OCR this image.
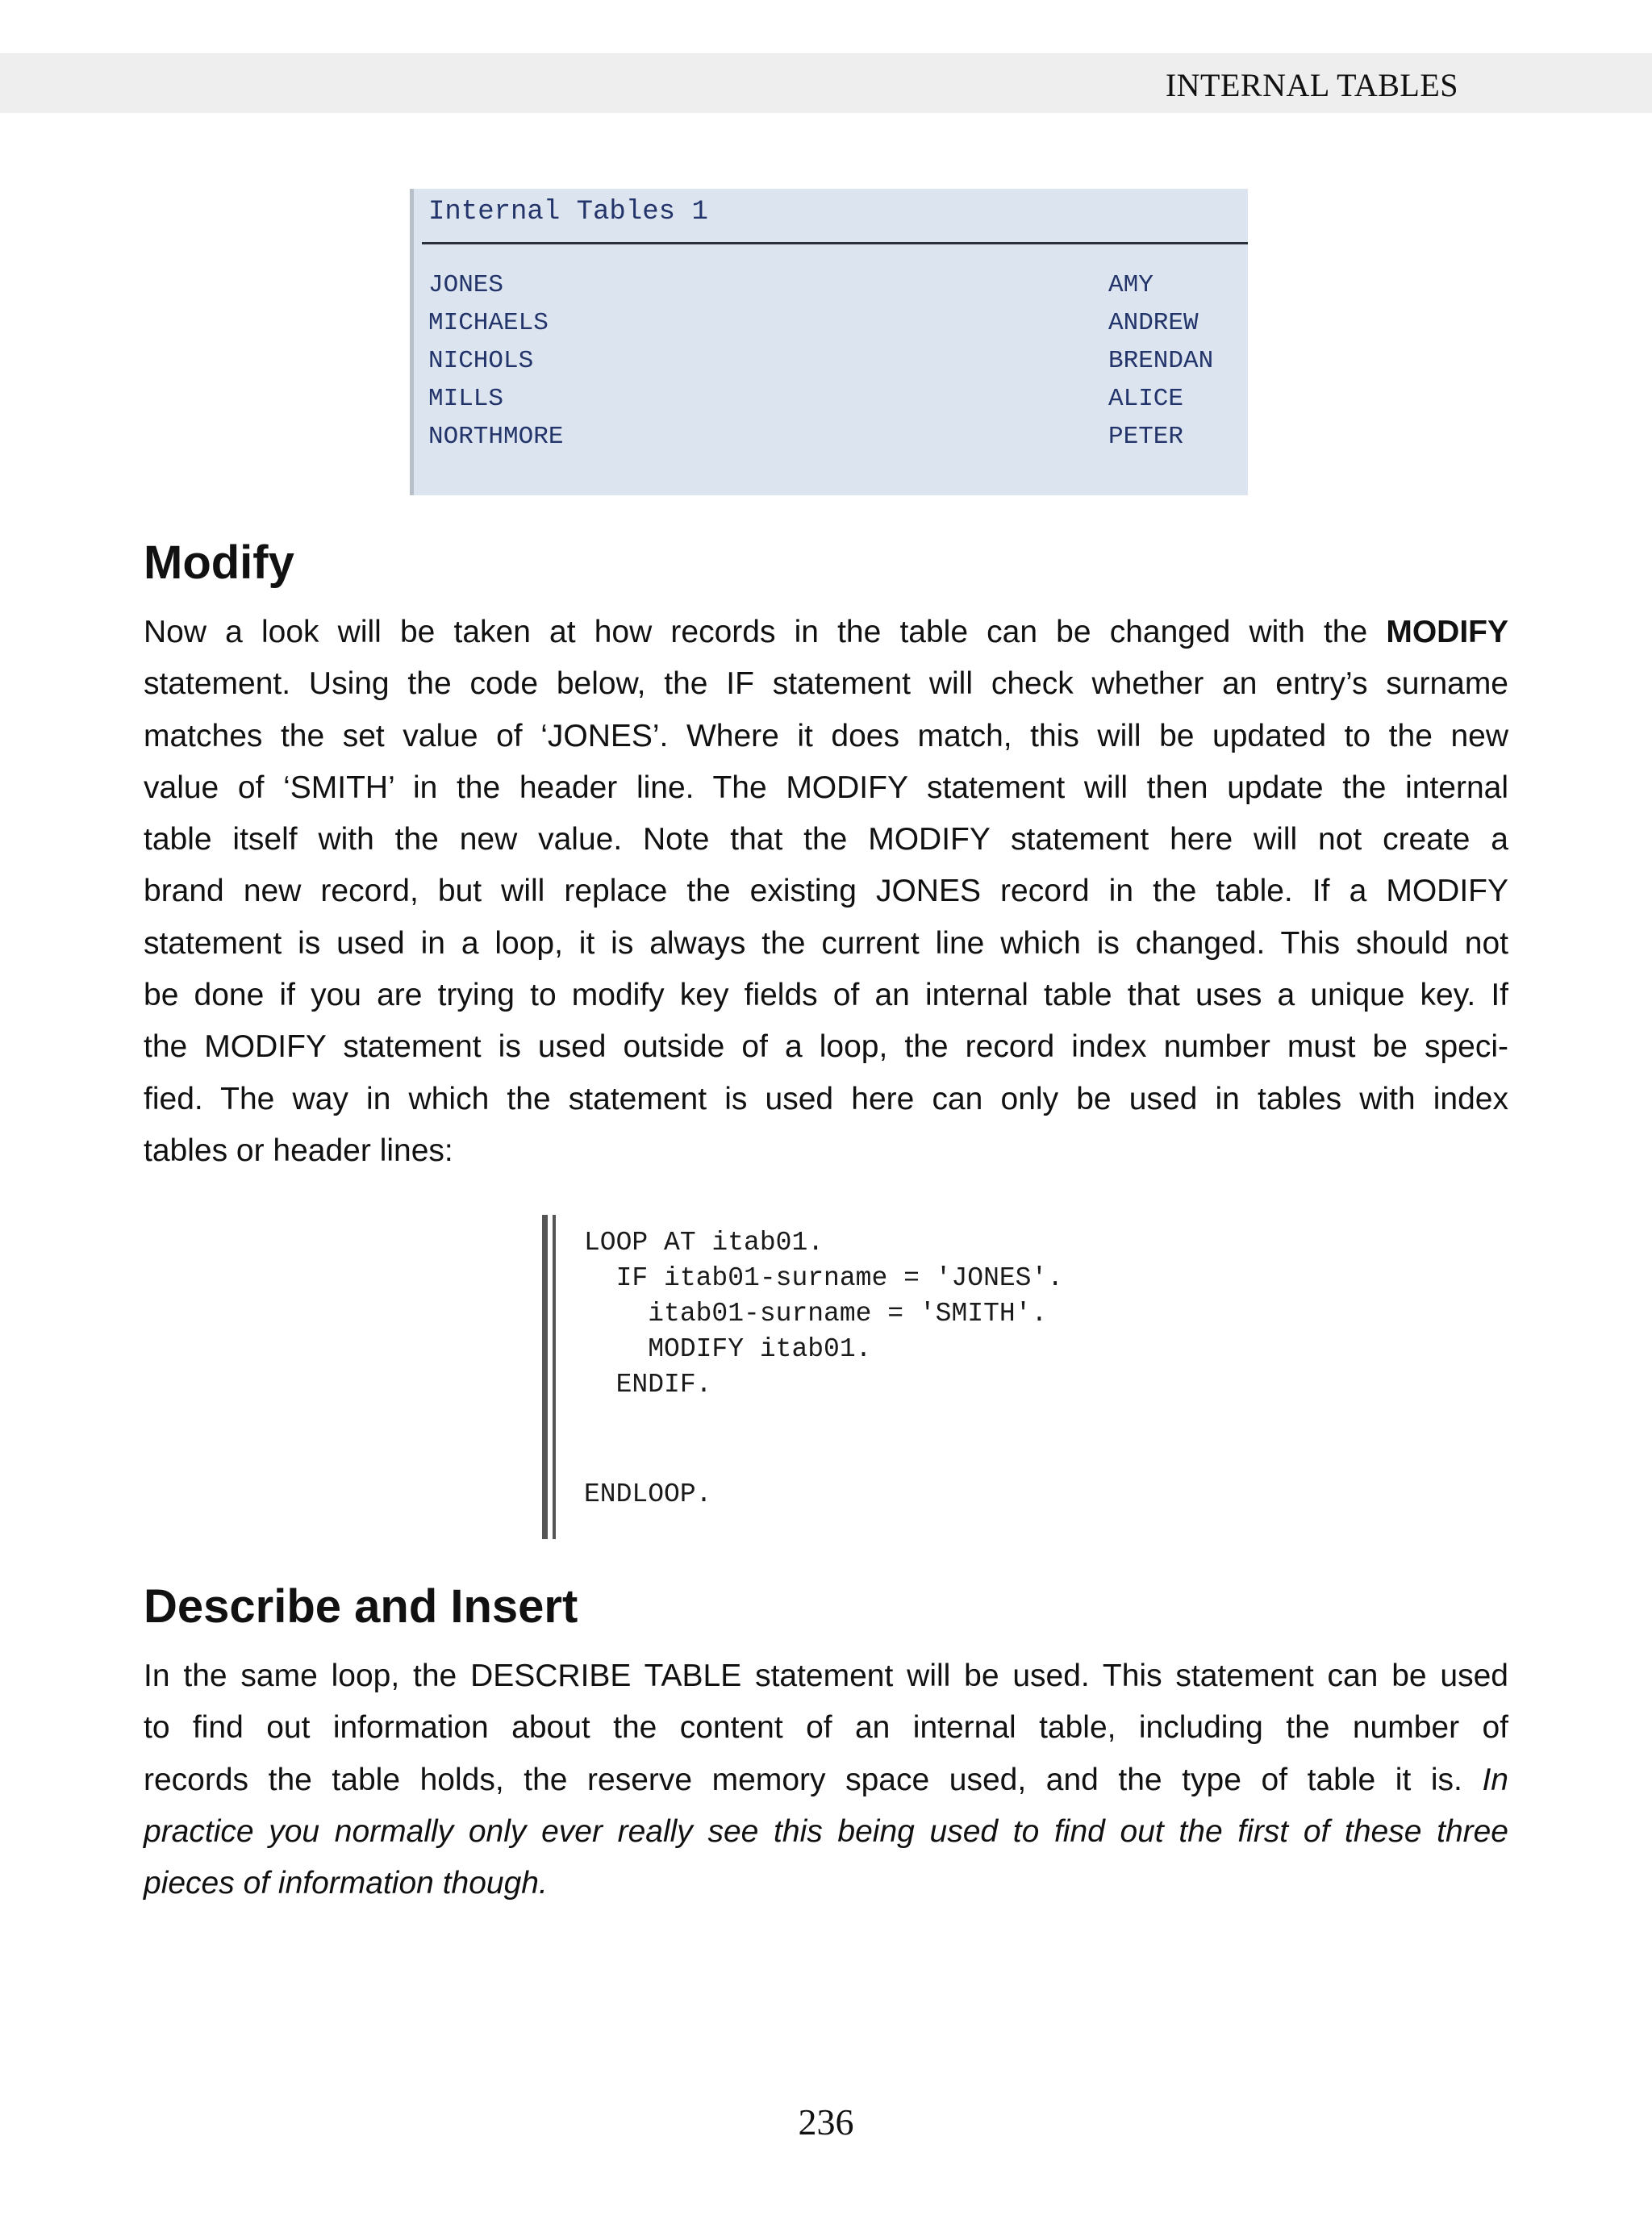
INTERNAL TABLES
Internal Tables 1
JONES	AMY
MICHAELS	ANDREW
NICHOLS	BRENDAN
MILLS	ALICE
NORTHMORE	PETER
Modify
Now a look will be taken at how records in the table can be changed with the MODIFY
statement. Using the code below, the IF statement will check whether an entry’s surname
matches the set value of ‘JONES’. Where it does match, this will be updated to the new
value of ‘SMITH’ in the header line. The MODIFY statement will then update the internal
table itself with the new value. Note that the MODIFY statement here will not create a
brand new record, but will replace the existing JONES record in the table. If a MODIFY
statement is used in a loop, it is always the current line which is changed. This should not
be done if you are trying to modify key fields of an internal table that uses a unique key. If
the MODIFY statement is used outside of a loop, the record index number must be speci-
fied. The way in which the statement is used here can only be used in tables with index
tables or header lines:
LOOP AT itab01.
IF itab01-surname = 'JONES'.
itab01-surname = 'SMITH'.
MODIFY itab01.
ENDIF.
ENDLOOP.
Describe and Insert
In the same loop, the DESCRIBE TABLE statement will be used. This statement can be used
to find out information about the content of an internal table, including the number of
records the table holds, the reserve memory space used, and the type of table it is. In
practice you normally only ever really see this being used to find out the first of these three
pieces of information though.
236
